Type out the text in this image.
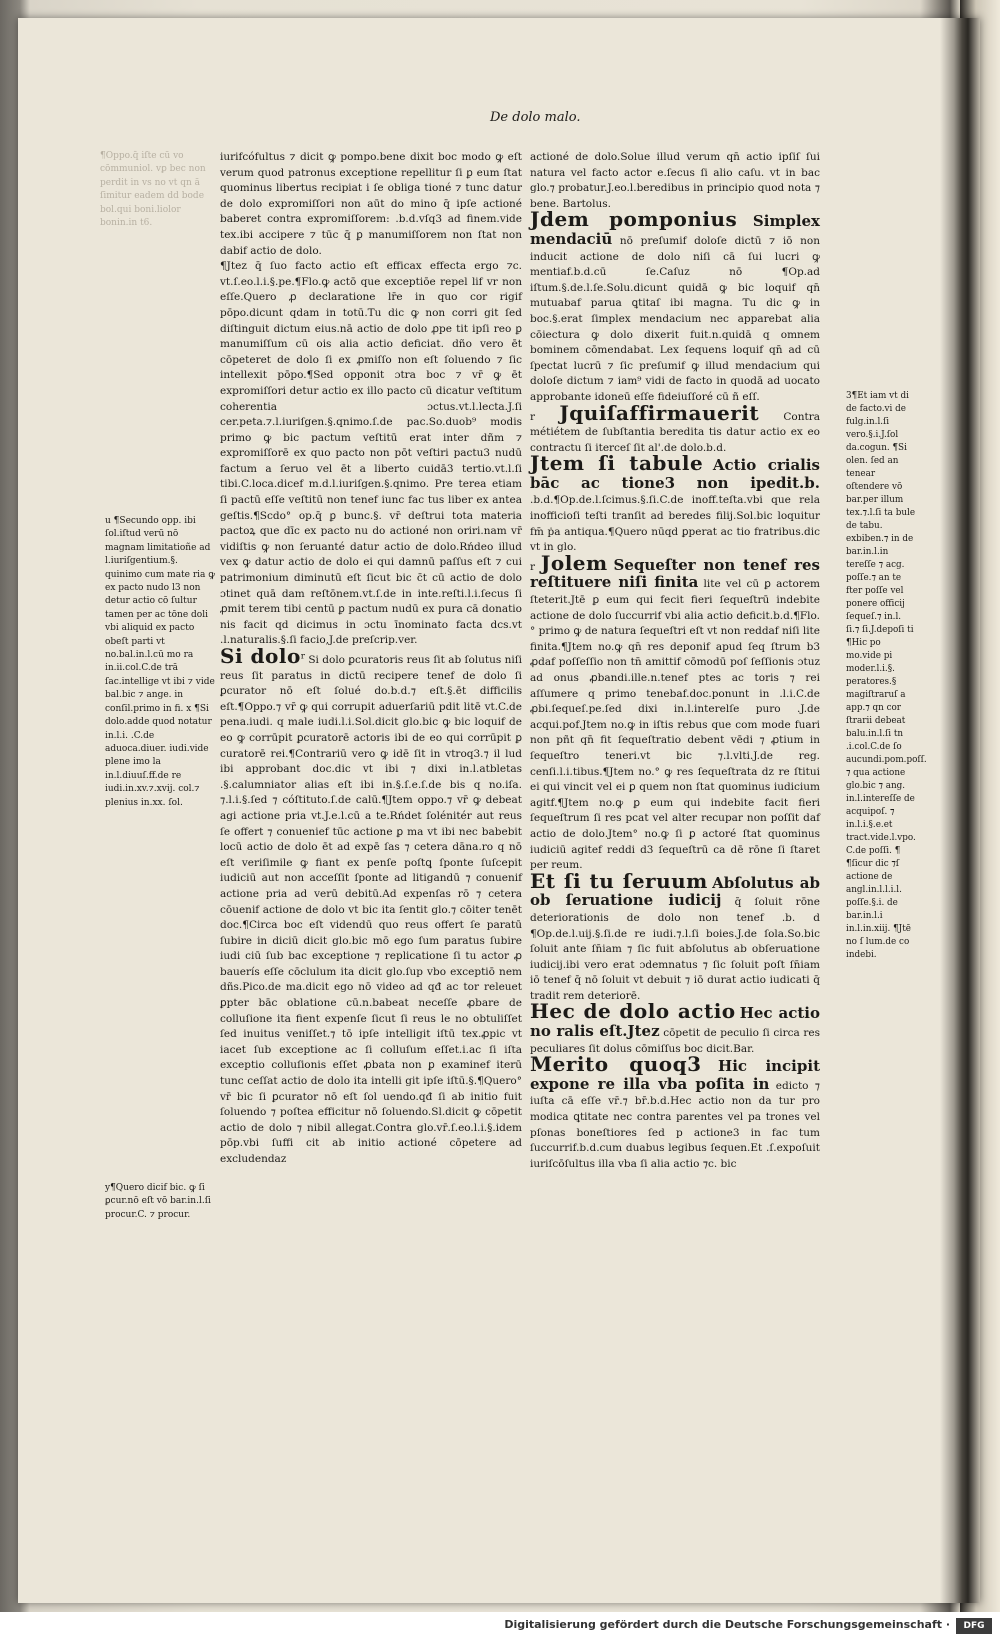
De dolo malo.
¶Oppo.q̄ iſte cū vo cōmmuniol. vꝑ bec non perdit in vs no vt qn ā ſimitur eadem dd bode bol.qui boni.liolor bonin.in t6.

iurifcófultus ⁊ dicit ꝙ pompo.bene dixit boc modo ꝙ eſt verum quod patronus exceptione repellitur ſi ꝑ eum ſtat quominus libertus recipiat i ſe obliga tioné ⁊ tunc datur de dolo expromiſſori non aūt do mino q̄ ipſe actioné baberet contra expromiſſorem: .b.d.vſq3 ad finem.vide tex.ibi accipere ⁊ tūc q̄ ꝑ manumiſſorem non ſtat non dabif actio de dolo.

¶Jtez q̄ ſuo facto actio eſt efficax effecta ergo ⁊c. vt.ſ.eo.l.i.§.pe.¶Flo.ꝙ actō que exceptiōe repel lif vr non eſſe.Quero ꝓ declaratione lr̄e in quo cor rigif pōpo.dicunt qdam in totū.Tu dic ꝙ non corri git ſed diſtinguit dictum eius.nā actio de dolo ꝓpe tit ipſi reo ꝑ manumiſſum cū ois alia actio deficiat. dño vero ēt cōpeteret de dolo ſi ex ꝓmiſſo non eſt ſoluendo ⁊ ſic intellexit pōpo.¶Sed opponit ɔtra boc ⁊ vr̄ ꝙ ēt expromiſſori detur actio ex illo pacto cū dicatur veſtitum coherentia ɔctus.vt.l.lecta.J.ſi cer.peta.⁊.l.iuriſgen.§.qnimo.ſ.de pac.So.duob⁹ modis primo ꝙ bic pactum veſtitū erat inter dñm ⁊ expromiſſorē ex quo pacto non pōt veſtiri pactu3 nudū factum a ſeruo vel ēt a liberto cuidā3 tertio.vt.l.ſi tibi.C.loca.dicef m.d.l.iuriſgen.§.qnimo. Pre terea etiam ſi pactū eſſe veſtitū non tenef iunc fac tus liber ex antea geſtis.¶Scdo° op.q̄ ꝑ bunc.§. vr̄ deſtrui tota materia pactoꝝ que dīc ex pacto nu do actioné non oriri.nam vr̄ vidiſtis ꝙ non ſeruanté datur actio de dolo.Rńdeo illud vex ꝙ datur actio de dolo ei qui damnū paſſus eſt ⁊ cui patrimonium diminutū eſt ſicut bic c̄t cū actio de dolo ɔtinet quā dam reſtōnem.vt.ſ.de in inte.reſti.l.i.ſecus ſi ꝓmit terem tibi centū ꝑ pactum nudū ex pura cā donatio nis facit qd dicimus in ɔctu īnominato facta dcs.vt .l.naturalis.§.ſi facio,J.de preſcrip.ver.

Si dolo$^r$ Si dolo ꝑcuratoris reus ſit ab ſolutus niſi reus ſit paratus in dictū recipere tenef de dolo ſi ꝑcurator nō eſt ſolué do.b.d.⁊ eſt.§.ēt difficilis eſt.¶Oppo.⁊ vr̄ ꝙ qui corrupit aduerſariū pdit litē vt.C.de pena.iudi. q male iudi.l.i.Sol.dicit glo.bic ꝙ bic loquif de eo ꝙ corrūpit ꝑcuratorē actoris ibi de eo qui corrūpit ꝑ curatorē rei.¶Contrariū vero ꝙ idē ſit in vtroq3.⁊ il lud ibi approbant doc.dic vt ibi ⁊ dixi in.l.atbletas .§.calumniator alias eſt ibi in.§.ſ.e.ſ.de bis q no.iſa. ⁊.l.i.§.ſed ⁊ cóſtituto.ſ.de calū.¶Jtem oppo.⁊ vr̄ ꝙ debeat agi actione pria vt.J.e.l.cū a te.Rńdet ſolénitér aut reus ſe offert ⁊ conuenief tūc actione ꝑ ma vt ibi nec babebit locū actio de dolo ēt ad expē ſas ⁊ cetera dāna.ro q nō eſt veriſimile ꝙ fiant ex penſe poſtꝗ ſponte ſuſcepit iudiciū aut non acceſſit ſponte ad litigandū ⁊ conuenif actione pria ad verū debitū.Ad expenſas rō ⁊ cetera cōuenif actione de dolo vt bic ita ſentit glo.⁊ cōiter tenēt doc.¶Circa boc eſt videndū quo reus offert ſe paratū ſubire in diciū dicit glo.bic mō ego ſum paratus ſubire iudi ciū ſub bac exceptione ⁊ replicatione ſi tu actor ꝓ bauerís eſſe cōclulum ita dicit glo.ſup vbo exceptiō nem dñs.Pico.de ma.dicit ego nō video ad qđ ac tor releuet ꝑpter bāc oblatione cū.n.babeat neceſſe ꝓbare de colluſione ita fient expenſe ſicut ſi reus le no obtuliſſet ſed inuitus veniſſet.⁊ tō ipſe intelligit iſtū tex.ꝓpic vt iacet ſub exceptione ac ſi colluſum eſſet.i.ac ſi iſta exceptio colluſionis eſſet ꝓbata non ꝑ examinef iterū tunc ceſſat actio de dolo ita intelli git ipſe iſtū.§.¶Quero° vr̄ bic ſi ꝑcurator nō eſt ſol uendo.qđ ſi ab initio fuit ſoluendo ⁊ poſtea efficitur nō ſoluendo.Sl.dicit ꝙ cōpetit actio de dolo ⁊ nibil allegat.Contra glo.vr̄.ſ.eo.l.i.§.idem pōp.vbi ſuffi cit ab initio actioné cōpetere ad excludendaz

u ¶Secundo opp. ibi ſol.iſtud verū nō magnam limitatioñe ad l.iuriſgentium.§. quinimo cum mate ria ꝙ ex pacto nudo l3 non detur actio cō ſultur tamen per ac tōne doli vbi aliquid ex pacto obeſt parti vt no.bal.in.l.cū mo ra in.ii.col.C.de trā ſac.intellige vt ibi ⁊ vide bal.bic ⁊ ange. in conſil.primo in fi. x ¶Si dolo.adde quod notatur in.l.i. .C.de aduoca.diuer. iudi.vide plene imo la in.l.diuuſ.ff.de re iudi.in.xv.⁊.xvij. col.⁊ plenius in.xx. ſol.
y¶Quero dicif bic. ꝙ ſi ꝑcur.nō eſt vō bar.in.l.ſi procur.C. ⁊ procur.

actioné de dolo.Solue illud verum qn̄ actio ipſiſ ſui natura vel facto actor e.ſecus ſi alio caſu. vt in bac glo.⁊ probatur.J.eo.l.beredibus in principio quod nota ⁊ bene. Bartolus.

Jdem pomponius Simplex mendaciū nō preſumif doloſe dictū ⁊ iō non inducit actione de dolo niſi cā ſui lucri ꝙ mentiaf.b.d.cū ſe.Caſuz nō ¶Op.ad iſtum.§.de.l.ſe.Solu.dicunt quidā ꝙ bic loquif qn̄ mutuabaf parua ꝗtitaſ ibi magna. Tu dic ꝙ in boc.§.erat ſimplex mendacium nec apparebat alia cōiectura ꝙ dolo dixerit fuit.n.quidā q omnem bominem cōmendabat. Lex ſequens loquif qn̄ ad cū ſpectat lucrū ⁊ ſic preſumif ꝙ illud mendacium qui doloſe dictum ⁊ iam⁹ vidi de facto in quodā ad uocato approbante idoneū eſſe fideiuſſoré cū ñ eſſ.

r Jquiſaffirmauerit Contra métiétem de ſubſtantia beredita tis datur actio ex eo contractu ſi iterceſ ſit al'.de dolo.b.d.

Jtem ſi tabule Actio crialis bāc ac tione3 non ipedit.b. .b.d.¶Op.de.l.ſcimus.§.ſi.C.de inoff.teſta.vbi que rela inofficioſi teſti tranſit ad beredes filij.Sol.bic loquitur fm̄ ṗa antiqua.¶Quero nūqd ꝑperat ac tio fratribus.dic vt in glo.

r Jolem Sequeſter non tenef res reſtituere niſi finita lite vel cū ꝑ actorem ſteterit.Jtē ꝑ eum qui fecit fieri ſequeſtrū indebite actione de dolo ſuccurrif vbi alia actio deficit.b.d.¶Flo.° primo ꝙ de natura ſequeſtri eſt vt non reddaf niſi lite finita.¶Jtem no.ꝙ qn̄ res deponif apud ſeq ſtrum b3 ꝓdaf poſſeſſio non tn̄ amittif cōmodū poſ ſeſſionis ɔtuz ad onus ꝓbandi.ille.n.tenef ptes ac toris ⁊ rei aſſumere q primo tenebaf.doc.ponunt in .l.i.C.de ꝓbi.ſequeſ.pe.ſed dixi in.l.interelſe puro .J.de acqui.pof.Jtem no.ꝙ in iſtis rebus que com mode fuari non pñt qn̄ fit ſequeſtratio debent vēdi ⁊ ꝓtium in ſequeſtro teneri.vt bic ⁊.l.vlti.J.de reg. cenſi.l.i.tibus.¶Jtem no.° ꝙ res ſequeſtrata dz re ſtitui ei qui vincit vel ei ꝑ quem non ſtat quominus iudicium agitf.¶Jtem no.ꝙ ꝑ eum qui indebite facit fieri ſequeſtrum ſi res pcat vel alter recupar non poſſit daf actio de dolo.Jtem° no.ꝙ ſi ꝑ actoré ſtat quominus iudiciū agitef reddi d3 ſequeſtrū ca dē rōne ſi ſtaret per reum.

Et ſi tu ſeruum Abſolutus ab ob ſeruatione iudicij q̄ ſoluit rōne deteriorationis de dolo non tenef .b. d ¶Op.de.l.uij.§.ſi.de re iudi.⁊.l.ſi boies.J.de ſola.So.bic ſoluit ante ſn̄iam ⁊ ſic fuit abſolutus ab obſeruatione iudicij.ibi vero erat ɔdemnatus ⁊ ſic ſoluit poſt ſn̄iam iō tenef q̄ nō ſoluit vt debuit ⁊ iō durat actio iudicati q̄ tradit rem deteriorē.

Hec de dolo actio Hec actio no ralis eſt.Jtez cōpetit de peculio ſi circa res peculiares ſit dolus cōmiſſus boc dicit.Bar.

Merito quoq3 Hic incipit expone re illa vba poſita in edicto ⁊ iuſta cā eſſe vr̄.⁊ br̄.b.d.Hec actio non da tur pro modica ꝗtitate nec contra parentes vel pa trones vel pſonas boneſtiores ſed p actione3 in fac tum ſuccurrif.b.d.cum duabus legibus ſequen.Et .ſ.expoſuit iuriſcōſultus illa vba ſi alia actio ⁊c. bic

3¶Et iam vt di de facto.vi de fulg.in.l.ſi vero.§.i.J.ſol da.cogun. ¶Si olen. ſed an tenear oſtendere vō bar.per illum tex.⁊.l.ſi ta bule de tabu. exbiben.⁊ in de bar.in.l.in tereſſe ⁊ acg. poſſe.⁊ an te fter poſſe vel ponere officij ſequeſ.⁊ in.l. ſi.⁊ ſi.J.depoſi ti ¶Hic po mo.vide pi moder.l.i.§. peratores.§ magiſtraruſ a app.⁊ qn cor ſtrarii debeat balu.in.l.ſi tn .i.col.C.de ſo aucundi.pom.poſſ. ⁊ qua actione glo.bic ⁊ ang. in.l.intereſſe de acquipoſ. ⁊ in.l.i.§.e.et tract.vide.l.vpo. C.de poſſi. ¶ ¶ſicur dic ⁊ſ actione de angl.in.l.l.i.l. poſſe.§.i. de bar.in.l.i in.l.in.xiij. ¶Jtē no ſ lum.de co indebi.
Digitalisierung gefördert durch die Deutsche Forschungsgemeinschaft ·	DFG
